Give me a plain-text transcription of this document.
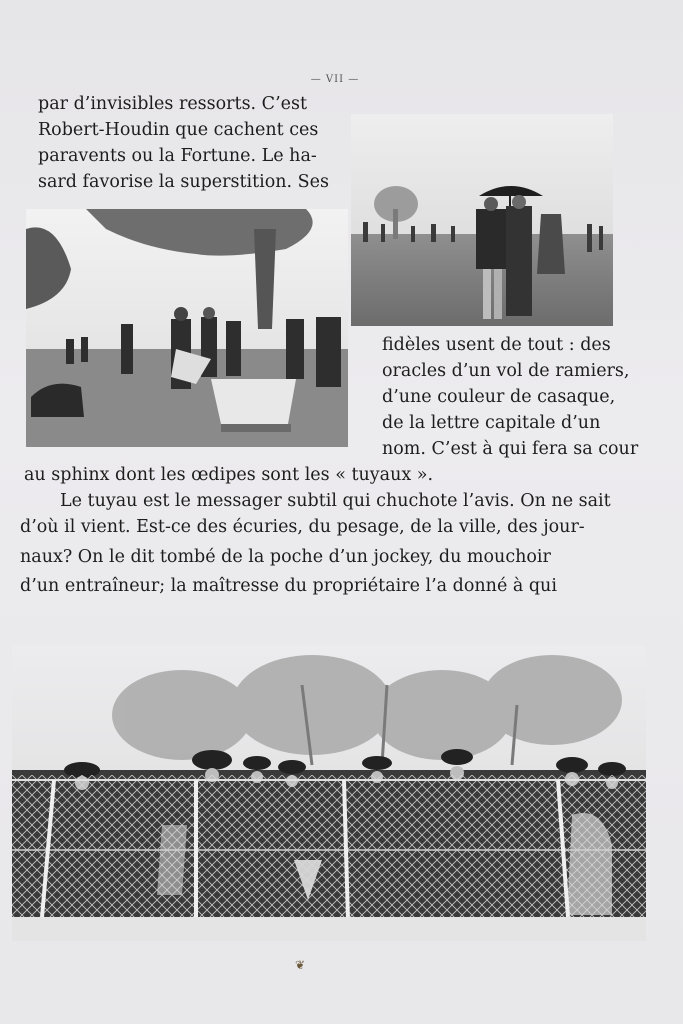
— VII —
par d’invisibles ressorts. C’est
Robert-Houdin que cachent ces
paravents ou la Fortune. Le ha-
sard favorise la superstition. Ses
fidèles usent de tout : des
oracles d’un vol de ramiers,
d’une couleur de casaque,
de la lettre capitale d’un
nom. C’est à qui fera sa cour
au sphinx dont les œdipes sont les « tuyaux ».
Le tuyau est le messager subtil qui chuchote l’avis. On ne sait
d’où il vient. Est-ce des écuries, du pesage, de la ville, des jour-
naux? On le dit tombé de la poche d’un jockey, du mouchoir
d’un entraîneur; la maîtresse du propriétaire l’a donné à qui
❦
